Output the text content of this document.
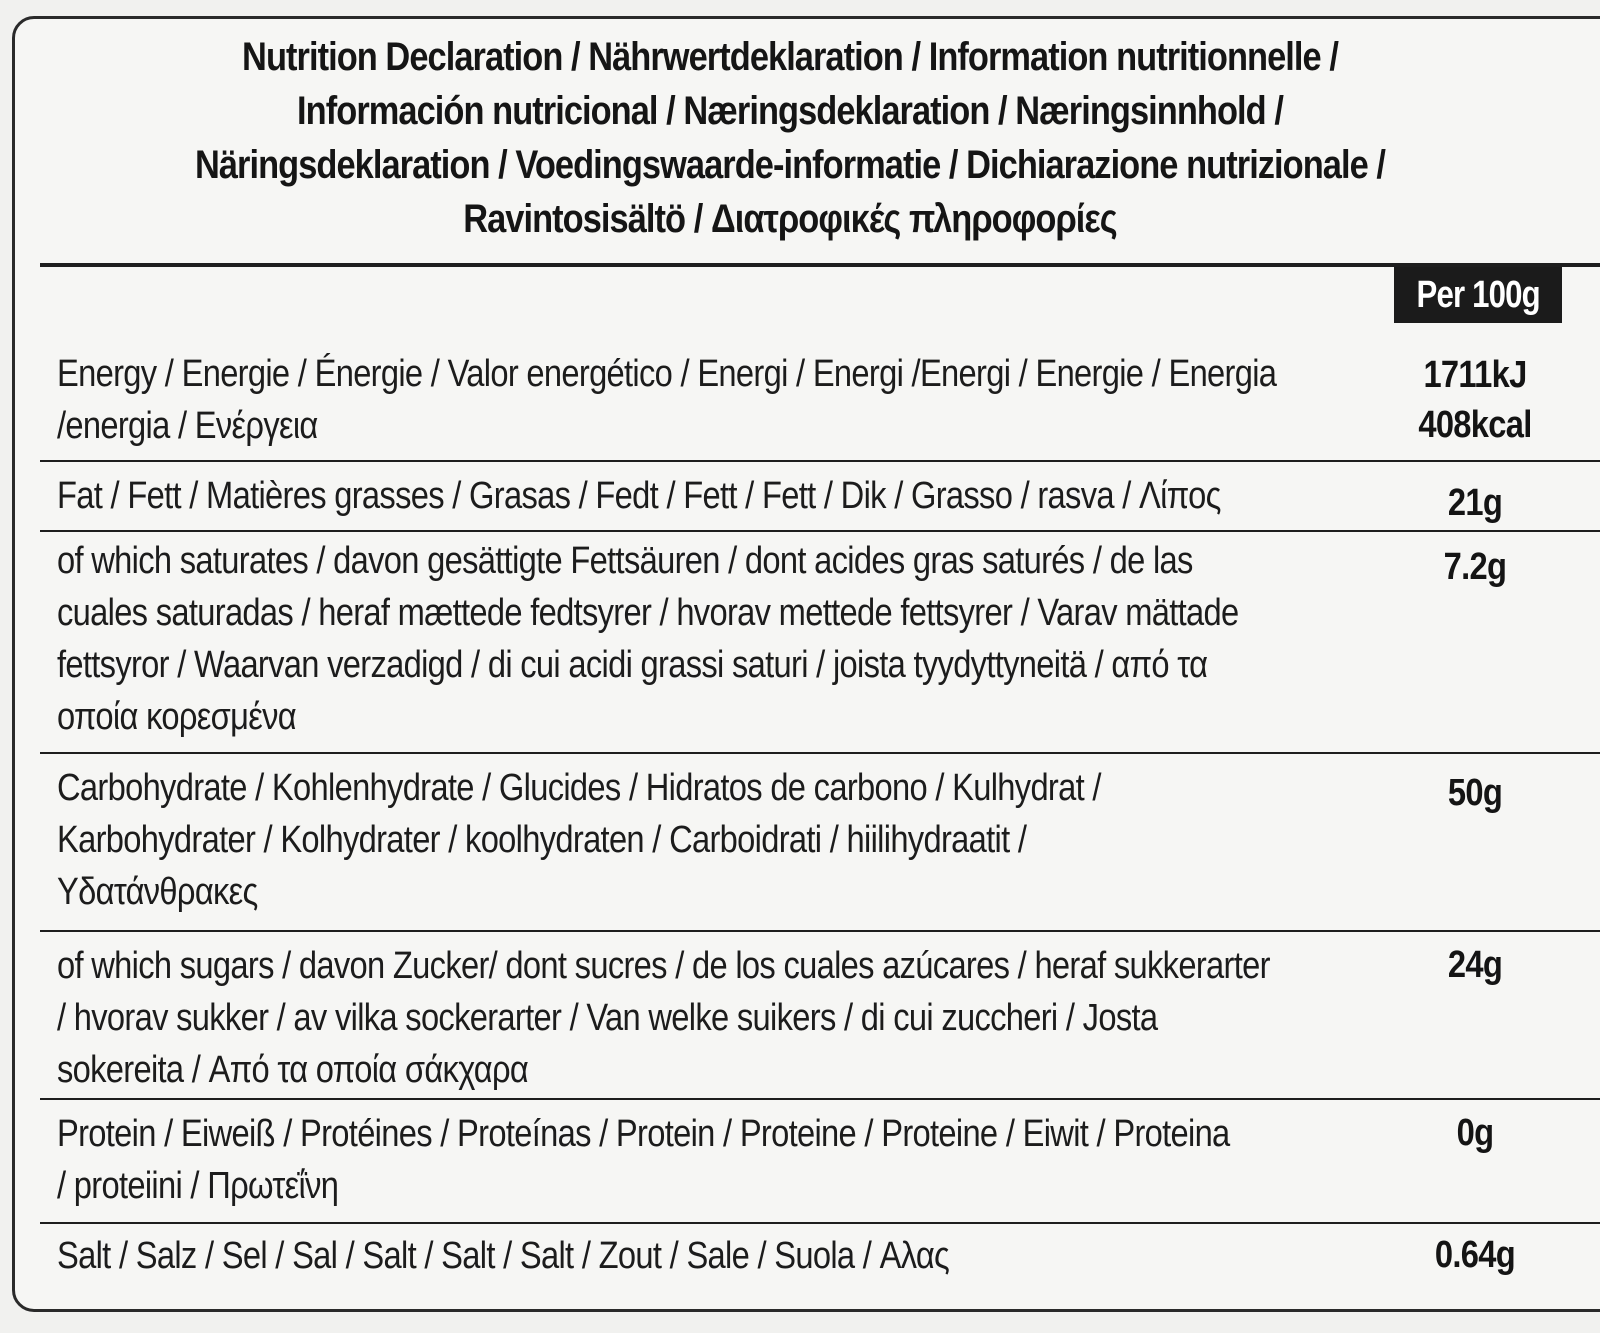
Nutrition Declaration / Nährwertdeklaration / Information nutritionnelle /
Información nutricional / Næringsdeklaration / Næringsinnhold /
Näringsdeklaration / Voedingswaarde-informatie / Dichiarazione nutrizionale /
Ravintosisältö / Διατροφικές πληροφορίες
Per 100g
Energy / Energie / Énergie / Valor energético / Energi / Energi /Energi / Energie / Energia
/energia / Ενέργεια
1711kJ
408kcal
Fat / Fett / Matières grasses / Grasas / Fedt / Fett / Fett / Dik / Grasso / rasva / Λίπος	21g
of which saturates / davon gesättigte Fettsäuren / dont acides gras saturés / de las
cuales saturadas / heraf mættede fedtsyrer / hvorav mettede fettsyrer / Varav mättade
fettsyror / Waarvan verzadigd / di cui acidi grassi saturi / joista tyydyttyneitä / από τα
οποία κορεσμένα
7.2g
Carbohydrate / Kohlenhydrate / Glucides / Hidratos de carbono / Kulhydrat /
Karbohydrater / Kolhydrater / koolhydraten / Carboidrati / hiilihydraatit /
Υδατάνθρακες
50g
of which sugars / davon Zucker/ dont sucres / de los cuales azúcares / heraf sukkerarter
/ hvorav sukker / av vilka sockerarter / Van welke suikers / di cui zuccheri / Josta
sokereita / Από τα οποία σάκχαρα
24g
Protein / Eiweiß / Protéines / Proteínas / Protein / Proteine / Proteine / Eiwit / Proteina
/ proteiini / Πρωτεΐνη
0g
Salt / Salz / Sel / Sal / Salt / Salt / Salt / Zout / Sale / Suola / Αλας	0.64g
